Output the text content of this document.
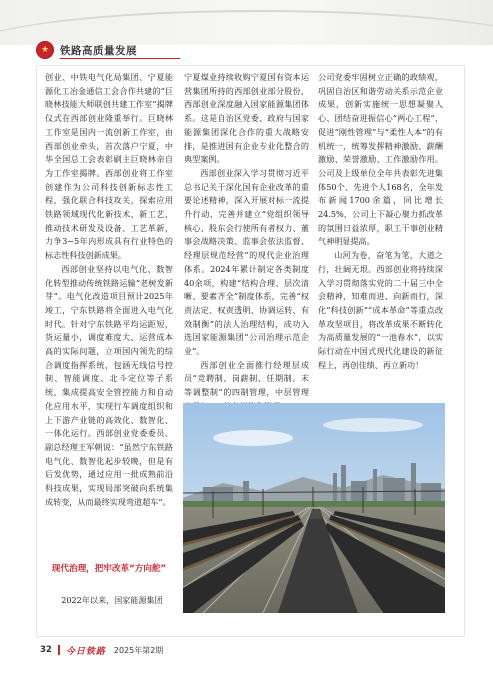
★	铁路高质量发展

创业、中铁电气化局集团、宁夏能源化工冶金通信工会合作共建的“巨晓林技能大师联创共建工作室”揭牌仪式在西部创业隆重举行。巨晓林工作室是国内一流创新工作室，由西部创业牵头，首次落户宁夏，中华全国总工会表彰刷主巨晓林亲自为工作室揭牌。西部创业将工作室创建作为公司科技创新标志性工程，强化联合科技攻关，探索应用铁路领域现代化新技术、新工艺，推动技术研发及设备、工艺革新，力争3~5年内形成具有行业特色的标志性科技创新成果。

西部创业坚持以电气化、数智化转型推动传统铁路运输“老树发新芽”。电气化改造项目预计2025年竣工，宁东铁路将全面进入电气化时代。针对宁东铁路平均运距短，货运量小，调度难度大、运营成本高的实际问题，立项国内领先的综合调度指挥系统，包涵无线信号控制、智能调度、北斗定位等子系统，集成提高安全管控能力和自动化应用水平，实现行车调度组织和上下游产业链的高效化、数智化、一体化运行。西部创业党委委员、副总经理王军朝说：“虽然宁东铁路电气化、数智化起步较晚，但是有后发优势，通过应用一批成熟前沿科技成果，实现局部突破向系统集成转变，从而最终实现弯道超车”。

现代治理，把牢改革“方向舵”
2022年以来，国家能源集团

宁夏煤业持续收购宁夏国有资本运营集团所持的西部创业部分股份，西部创业深度融入国家能源集团体系。这是自治区党委、政府与国家能源集团深化合作的重大战略安排，是推进国有企业专业化整合的典型案例。

西部创业深入学习贯彻习近平总书记关于深化国有企业改革的重要论述精神，深入开展对标一流提升行动，完善并建立“党组织领导核心、股东会行使所有者权力、董事会战略决策、监事会依法监督、经理层规范经营”的现代企业治理体系。2024年累计制定各类制度40余项，构建“结构合理、层次清晰、要素齐全”制度体系，完善“权责法定、权责透明、协调运转、有效制衡”的法人治理结构，成功入选国家能源集团“公司治理示范企业”。

西部创业全面推行经理层成员“竞聘制、岗薪制、任期制、末等调整制”的四制管理，中层管理

公司党委牢固树立正确的政绩观，巩固自治区和谐劳动关系示范企业成果，创新实施统一思想凝聚人心、团结奋进振信心“两心工程”，促进“刚性管理”与“柔性人本”的有机统一，统筹发挥精神激励、薪酬激励、荣誉激励、工作激励作用。公司及上级单位全年共表彰先进集体50个、先进个人168名，全年发布新闻1700余篇，同比增长24.5%，公司上下凝心聚力抓改革的氛围日益浓厚，职工干事创业精气神明显提高。

山河为卷，奋笔为笔，大道之行，壮阔无垠。西部创业将持续深入学习贯彻落实党的二十届三中全会精神，知难而进、向新而行，深化“科技创新”“成本革命”等重点改革攻坚项目，将改革成果不断转化为高质量发展的“一池春水”，以实际行动在中国式现代化建设的新征程上，再创佳绩、再立新功！

32 今日铁路 2025年第2期
